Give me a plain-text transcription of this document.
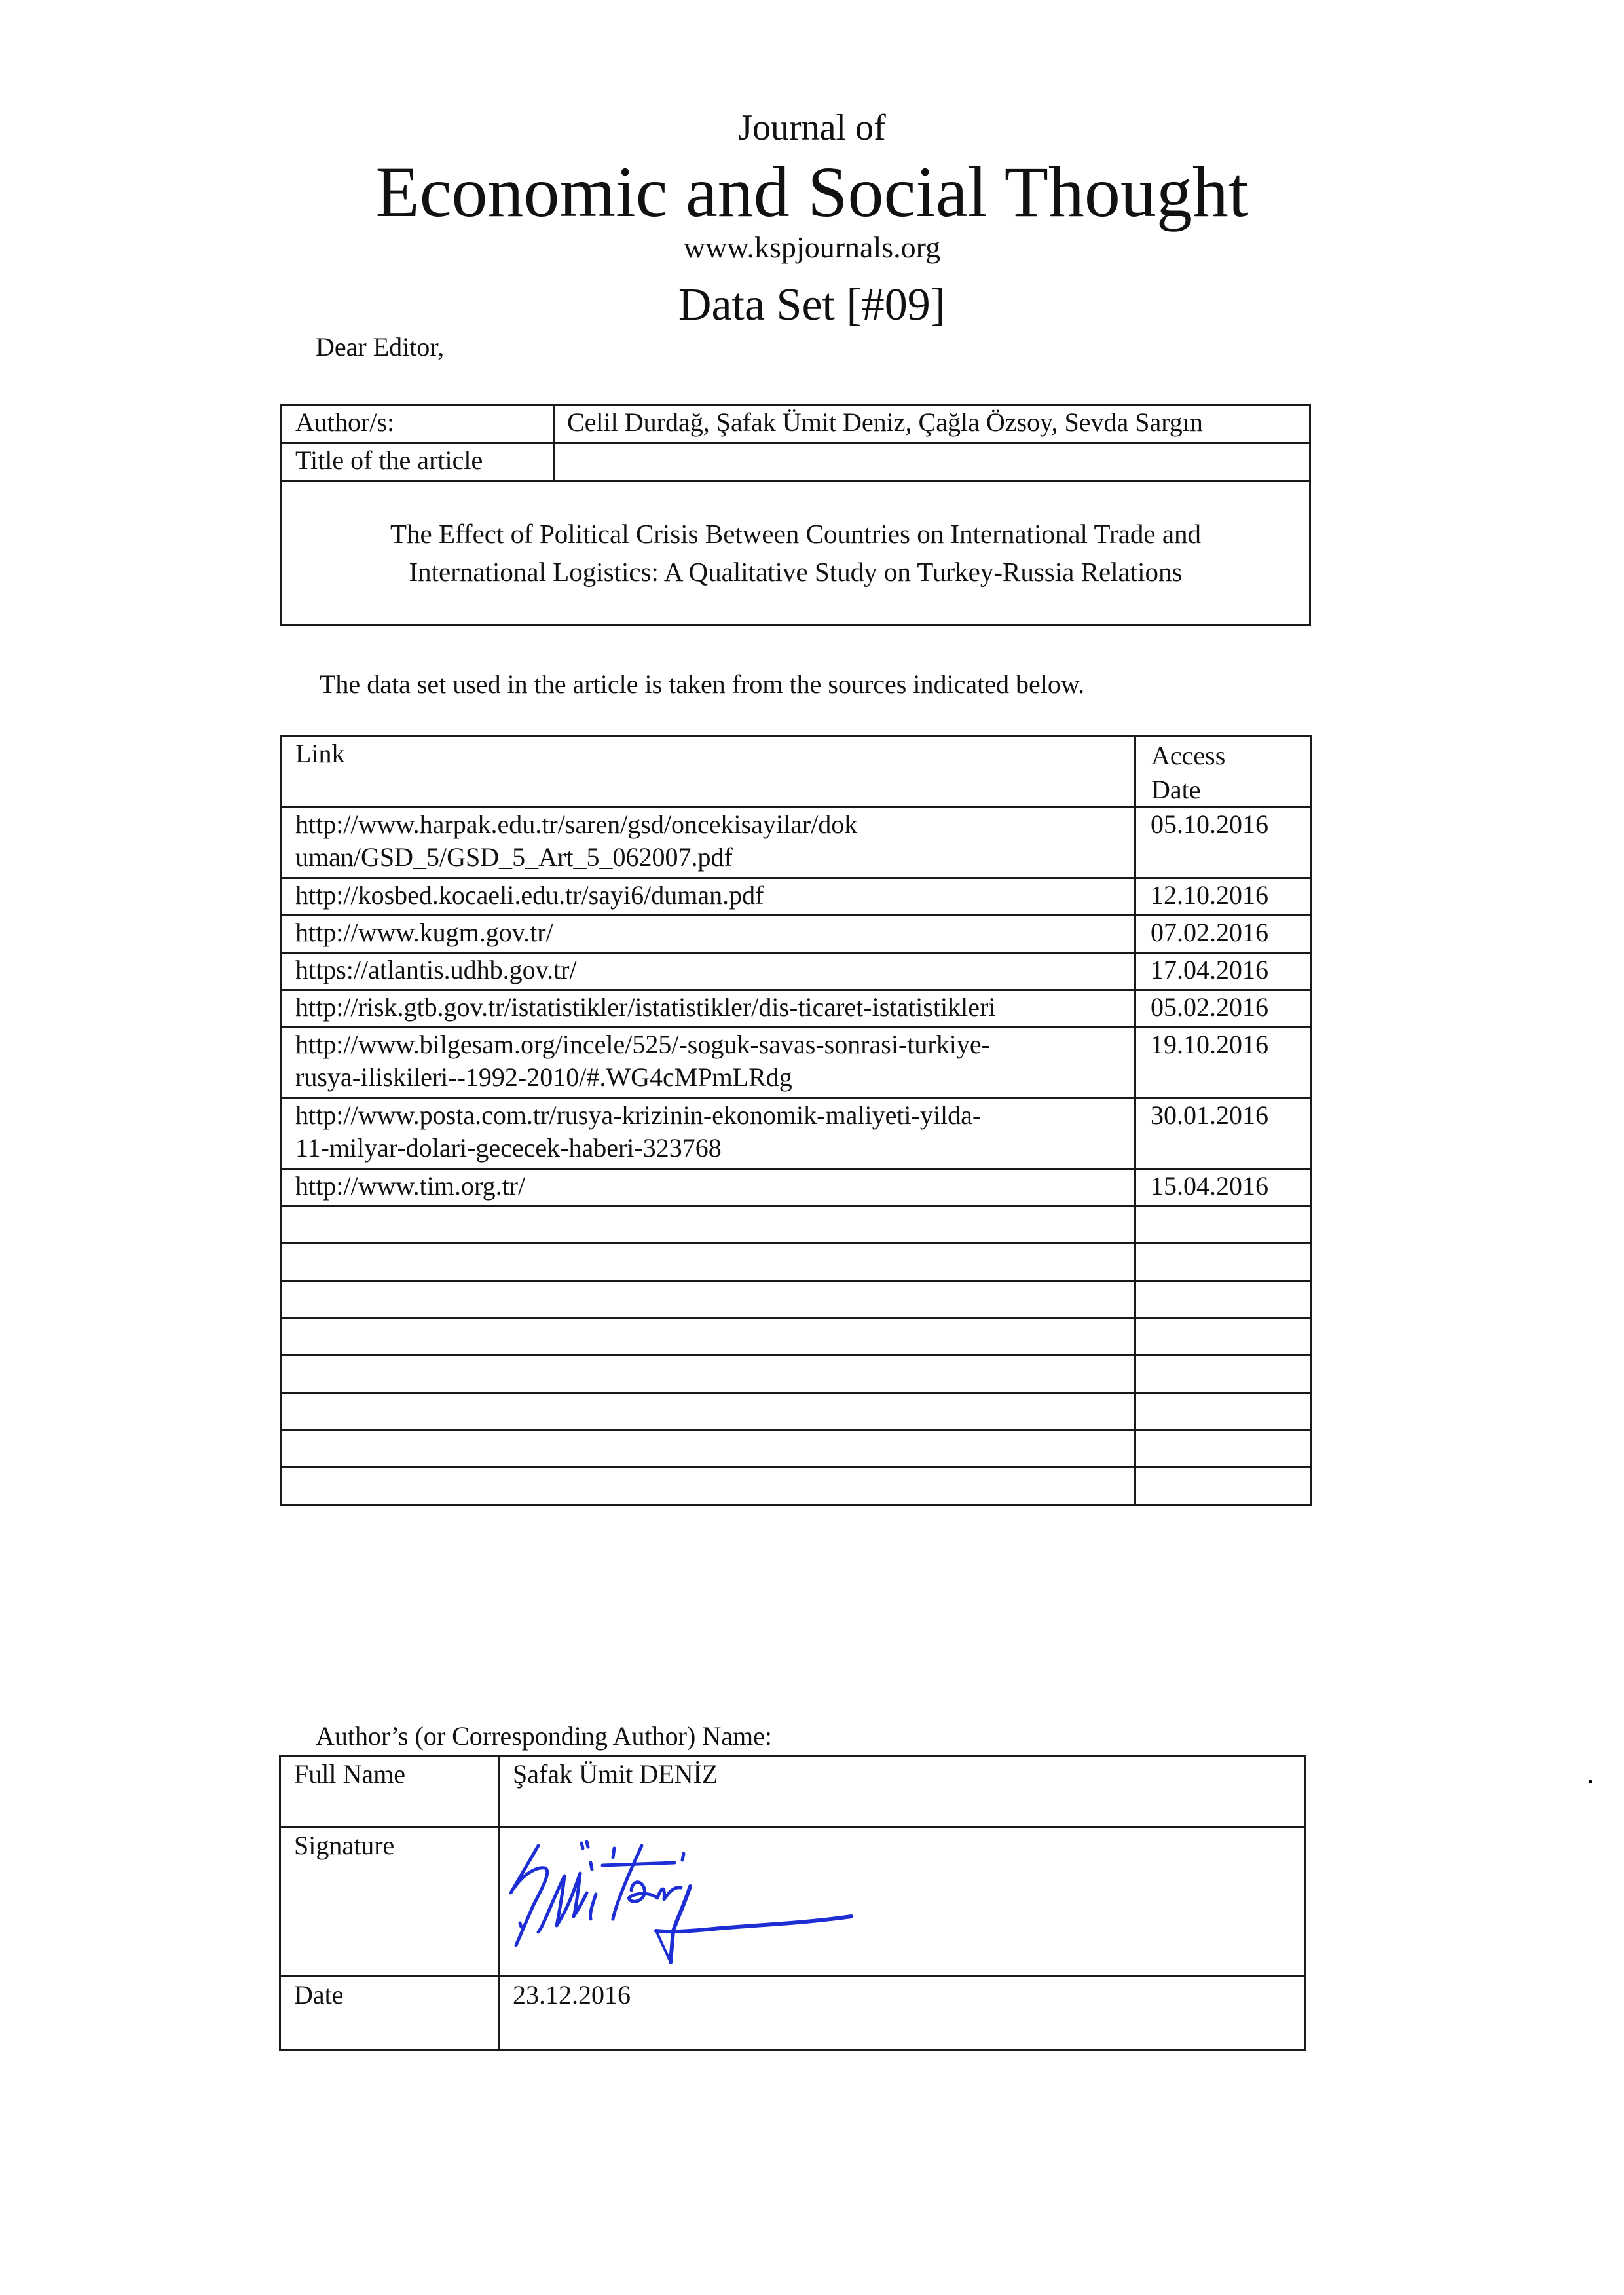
Journal of
Economic and Social Thought
www.kspjournals.org
Data Set [#09]
Dear Editor,
Author/s:	Celil Durdağ, Şafak Ümit Deniz, Çağla Özsoy, Sevda Sargın
Title of the article
The Effect of Political Crisis Between Countries on International Trade and
International Logistics: A Qualitative Study on Turkey-Russia Relations
The data set used in the article is taken from the sources indicated below.
Link	Access
Date
http://www.harpak.edu.tr/saren/gsd/oncekisayilar/dok
uman/GSD_5/GSD_5_Art_5_062007.pdf
05.10.2016
http://kosbed.kocaeli.edu.tr/sayi6/duman.pdf	12.10.2016
http://www.kugm.gov.tr/	07.02.2016
https://atlantis.udhb.gov.tr/	17.04.2016
http://risk.gtb.gov.tr/istatistikler/istatistikler/dis-ticaret-istatistikleri	05.02.2016
http://www.bilgesam.org/incele/525/-soguk-savas-sonrasi-turkiye-
rusya-iliskileri--1992-2010/#.WG4cMPmLRdg
19.10.2016
http://www.posta.com.tr/rusya-krizinin-ekonomik-maliyeti-yilda-
11-milyar-dolari-gececek-haberi-323768
30.01.2016
http://www.tim.org.tr/	15.04.2016
Author’s (or Corresponding Author) Name:
Full Name	Şafak Ümit DENİZ
Signature
Date	23.12.2016
